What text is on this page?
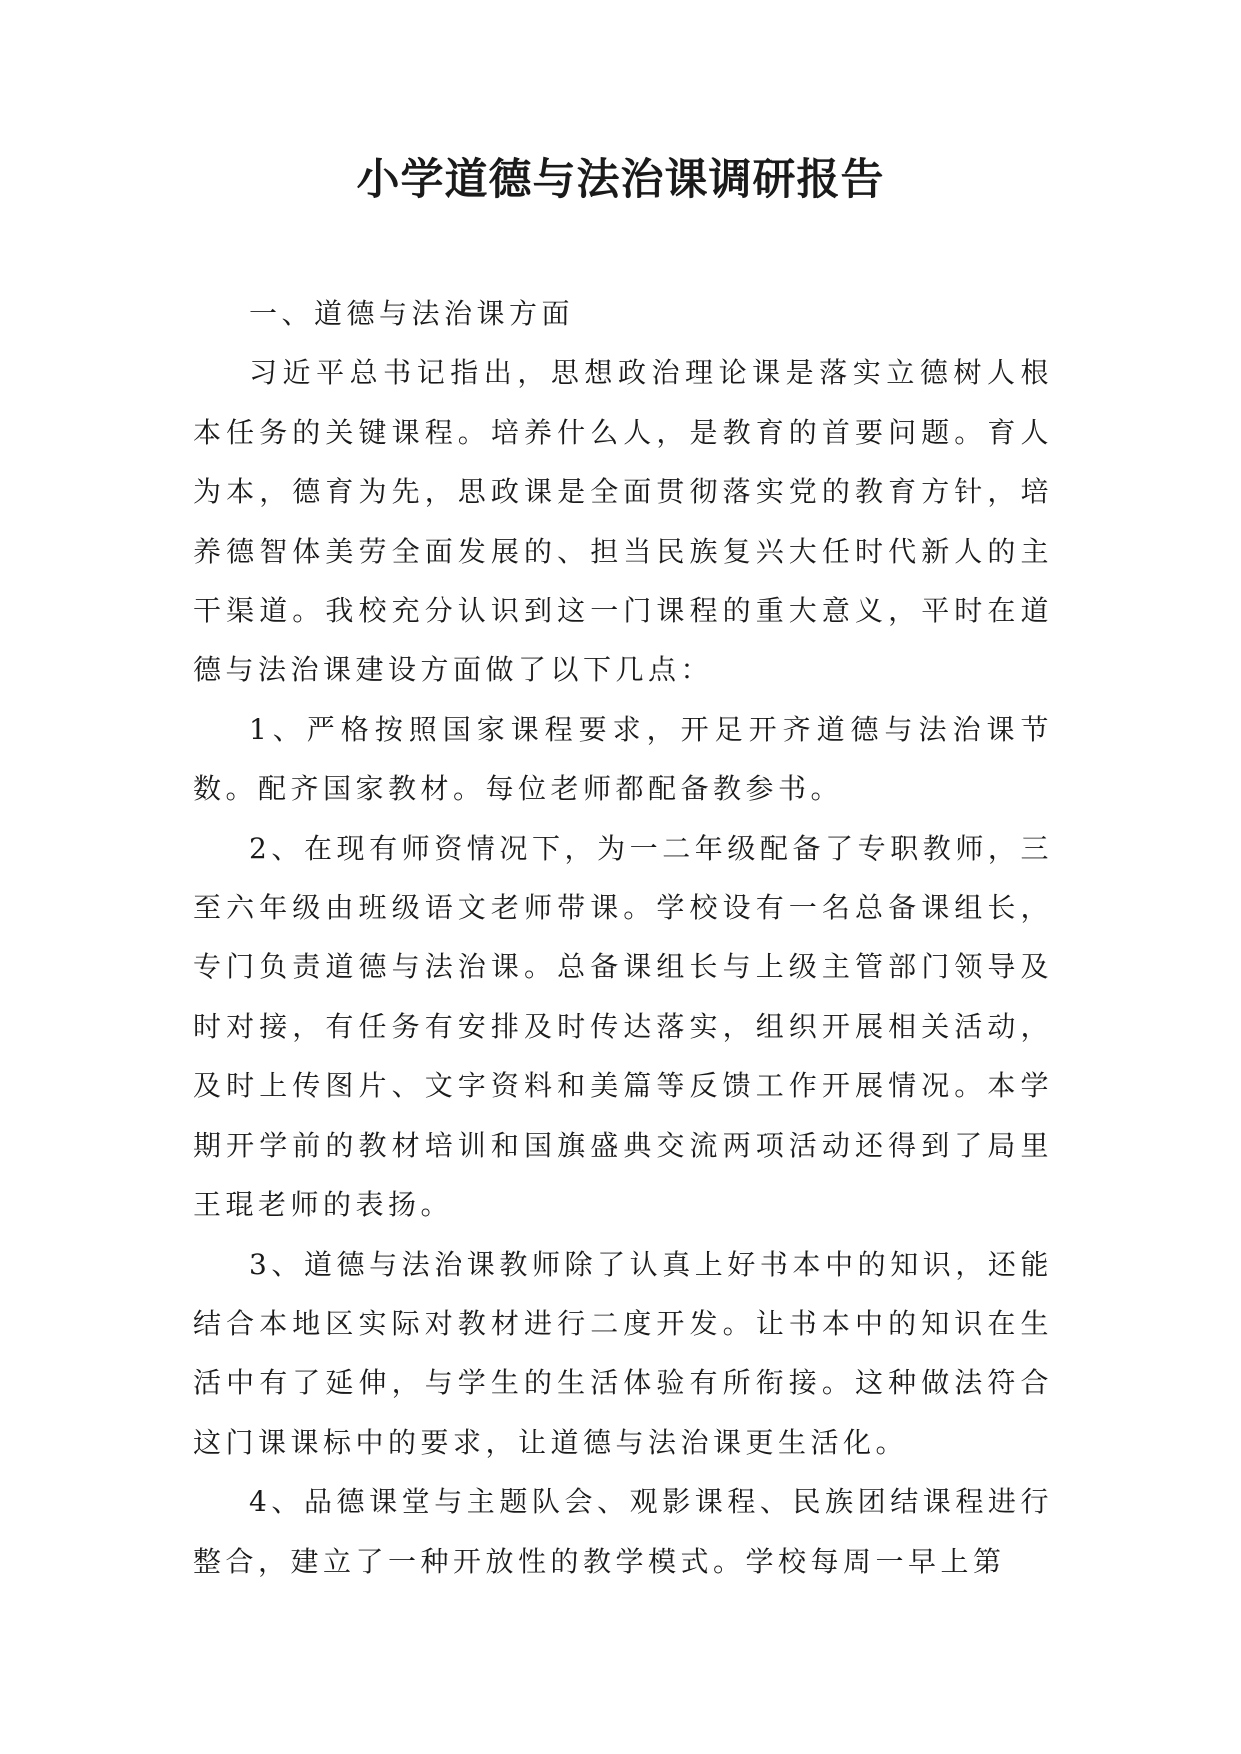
小学道德与法治课调研报告

一、道德与法治课方面

习近平总书记指出，思想政治理论课是落实立德树人根本任务的关键课程。培养什么人，是教育的首要问题。育人为本，德育为先，思政课是全面贯彻落实党的教育方针，培养德智体美劳全面发展的、担当民族复兴大任时代新人的主干渠道。我校充分认识到这一门课程的重大意义，平时在道德与法治课建设方面做了以下几点：

1、严格按照国家课程要求，开足开齐道德与法治课节数。配齐国家教材。每位老师都配备教参书。

2、在现有师资情况下，为一二年级配备了专职教师，三至六年级由班级语文老师带课。学校设有一名总备课组长，专门负责道德与法治课。总备课组长与上级主管部门领导及时对接，有任务有安排及时传达落实，组织开展相关活动，及时上传图片、文字资料和美篇等反馈工作开展情况。本学期开学前的教材培训和国旗盛典交流两项活动还得到了局里王琨老师的表扬。

3、道德与法治课教师除了认真上好书本中的知识，还能结合本地区实际对教材进行二度开发。让书本中的知识在生活中有了延伸，与学生的生活体验有所衔接。这种做法符合这门课课标中的要求，让道德与法治课更生活化。

4、品德课堂与主题队会、观影课程、民族团结课程进行整合，建立了一种开放性的教学模式。学校每周一早上第
